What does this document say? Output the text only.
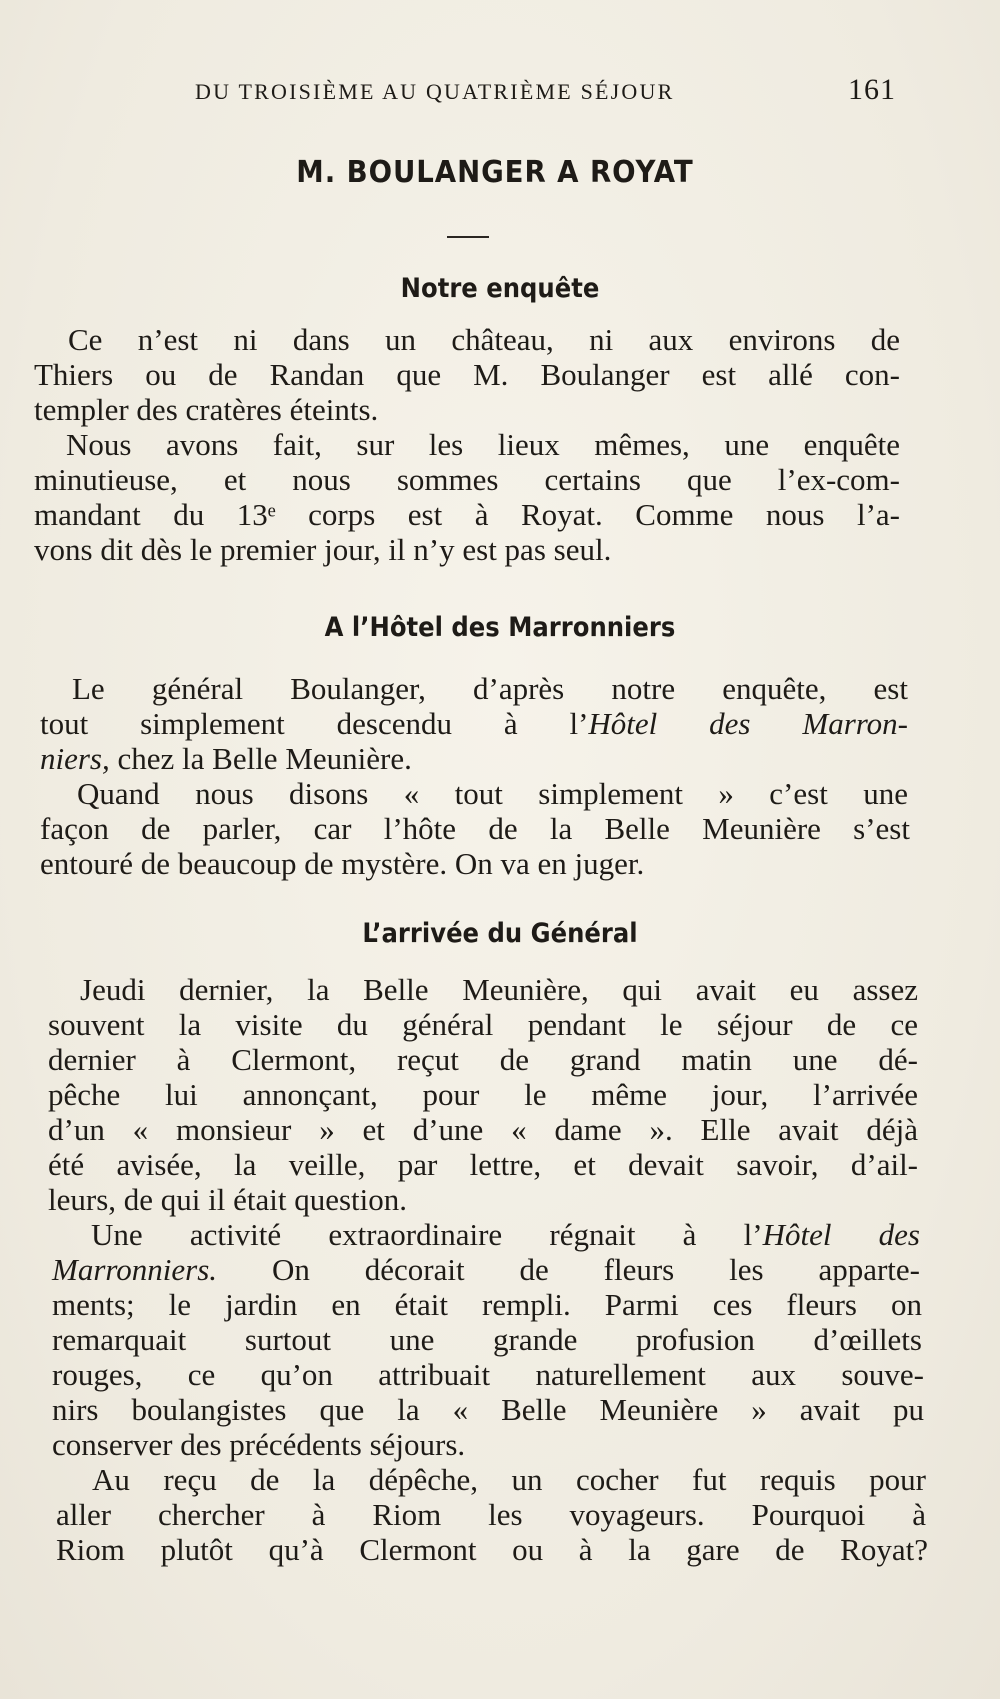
DU TROISIÈME AU QUATRIÈME SÉJOUR	161
M. BOULANGER A ROYAT
Notre enquête
Ce n’est ni dans un château, ni aux environs de
Thiers ou de Randan que M. Boulanger est allé con-
templer des cratères éteints.
Nous avons fait, sur les lieux mêmes, une enquête
minutieuse, et nous sommes certains que l’ex-com-
mandant du 13ᵉ corps est à Royat. Comme nous l’a-
vons dit dès le premier jour, il n’y est pas seul.
A l’Hôtel des Marronniers
Le général Boulanger, d’après notre enquête, est
tout simplement descendu à l’Hôtel des Marron-
niers, chez la Belle Meunière.
Quand nous disons « tout simplement » c’est une
façon de parler, car l’hôte de la Belle Meunière s’est
entouré de beaucoup de mystère. On va en juger.
L’arrivée du Général
Jeudi dernier, la Belle Meunière, qui avait eu assez
souvent la visite du général pendant le séjour de ce
dernier à Clermont, reçut de grand matin une dé-
pêche lui annonçant, pour le même jour, l’arrivée
d’un « monsieur » et d’une « dame ». Elle avait déjà
été avisée, la veille, par lettre, et devait savoir, d’ail-
leurs, de qui il était question.
Une activité extraordinaire régnait à l’Hôtel des
Marronniers. On décorait de fleurs les apparte-
ments; le jardin en était rempli. Parmi ces fleurs on
remarquait surtout une grande profusion d’œillets
rouges, ce qu’on attribuait naturellement aux souve-
nirs boulangistes que la « Belle Meunière » avait pu
conserver des précédents séjours.
Au reçu de la dépêche, un cocher fut requis pour
aller chercher à Riom les voyageurs. Pourquoi à
Riom plutôt qu’à Clermont ou à la gare de Royat?
